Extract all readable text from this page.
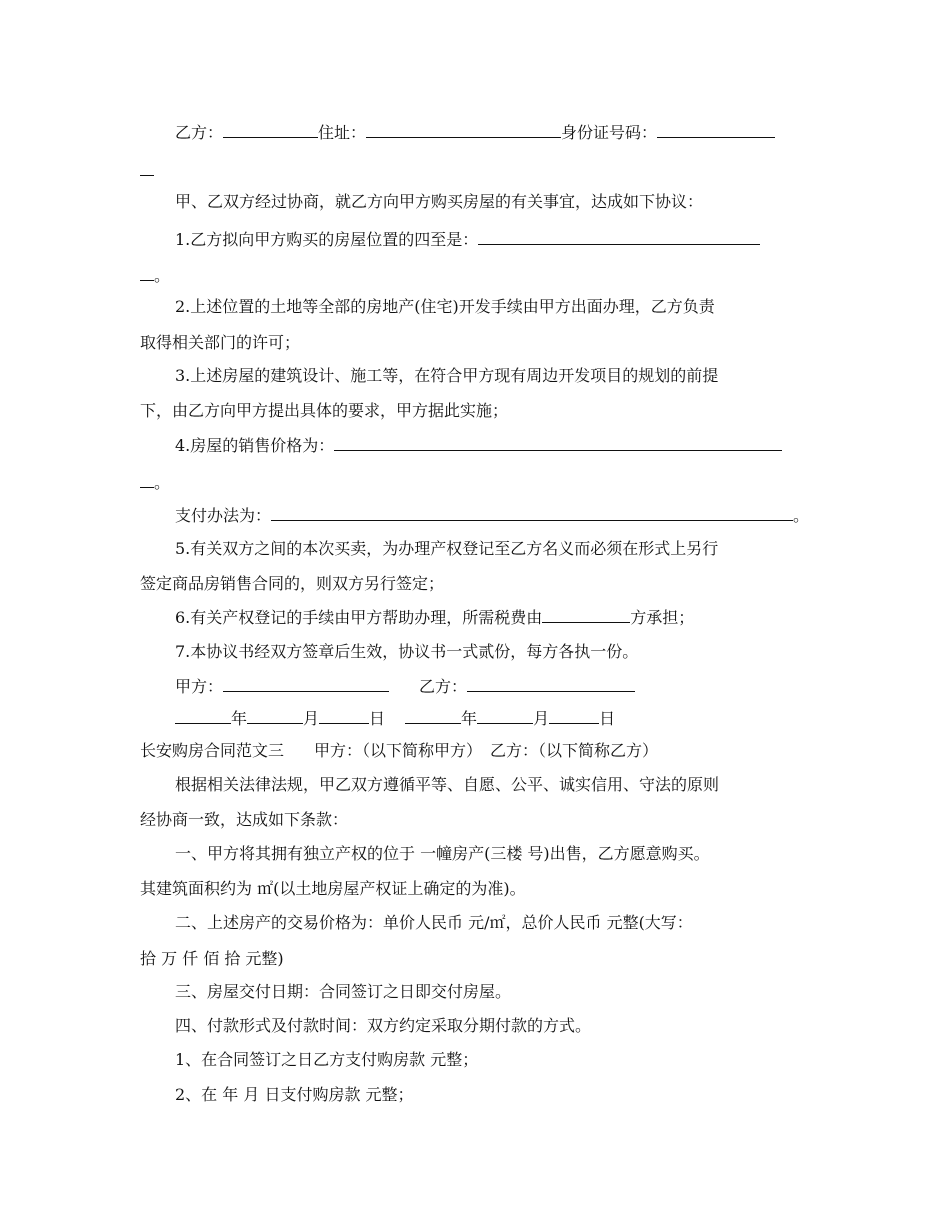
乙方：	住址：	身份证号码：
甲、乙双方经过协商，就乙方向甲方购买房屋的有关事宜，达成如下协议：
1.乙方拟向甲方购买的房屋位置的四至是：
。
2.上述位置的土地等全部的房地产(住宅)开发手续由甲方出面办理，乙方负责
取得相关部门的许可；
3.上述房屋的建筑设计、施工等，在符合甲方现有周边开发项目的规划的前提
下，由乙方向甲方提出具体的要求，甲方据此实施；
4.房屋的销售价格为：
。
支付办法为：	。
5.有关双方之间的本次买卖，为办理产权登记至乙方名义而必须在形式上另行
签定商品房销售合同的，则双方另行签定；
6.有关产权登记的手续由甲方帮助办理，所需税费由	方承担；
7.本协议书经双方签章后生效，协议书一式贰份，每方各执一份。
甲方：	乙方：
年	月	日	年	月	日
长安购房合同范文三 甲方：（以下简称甲方） 乙方：（以下简称乙方）
根据相关法律法规，甲乙双方遵循平等、自愿、公平、诚实信用、守法的原则
经协商一致，达成如下条款：
一、甲方将其拥有独立产权的位于 一幢房产(三楼 号)出售，乙方愿意购买。
其建筑面积约为 ㎡(以土地房屋产权证上确定的为准)。
二、上述房产的交易价格为：单价人民币 元/㎡，总价人民币 元整(大写：
拾 万 仟 佰 拾 元整)
三、房屋交付日期：合同签订之日即交付房屋。
四、付款形式及付款时间：双方约定采取分期付款的方式。
1、在合同签订之日乙方支付购房款 元整；
2、在 年 月 日支付购房款 元整；
